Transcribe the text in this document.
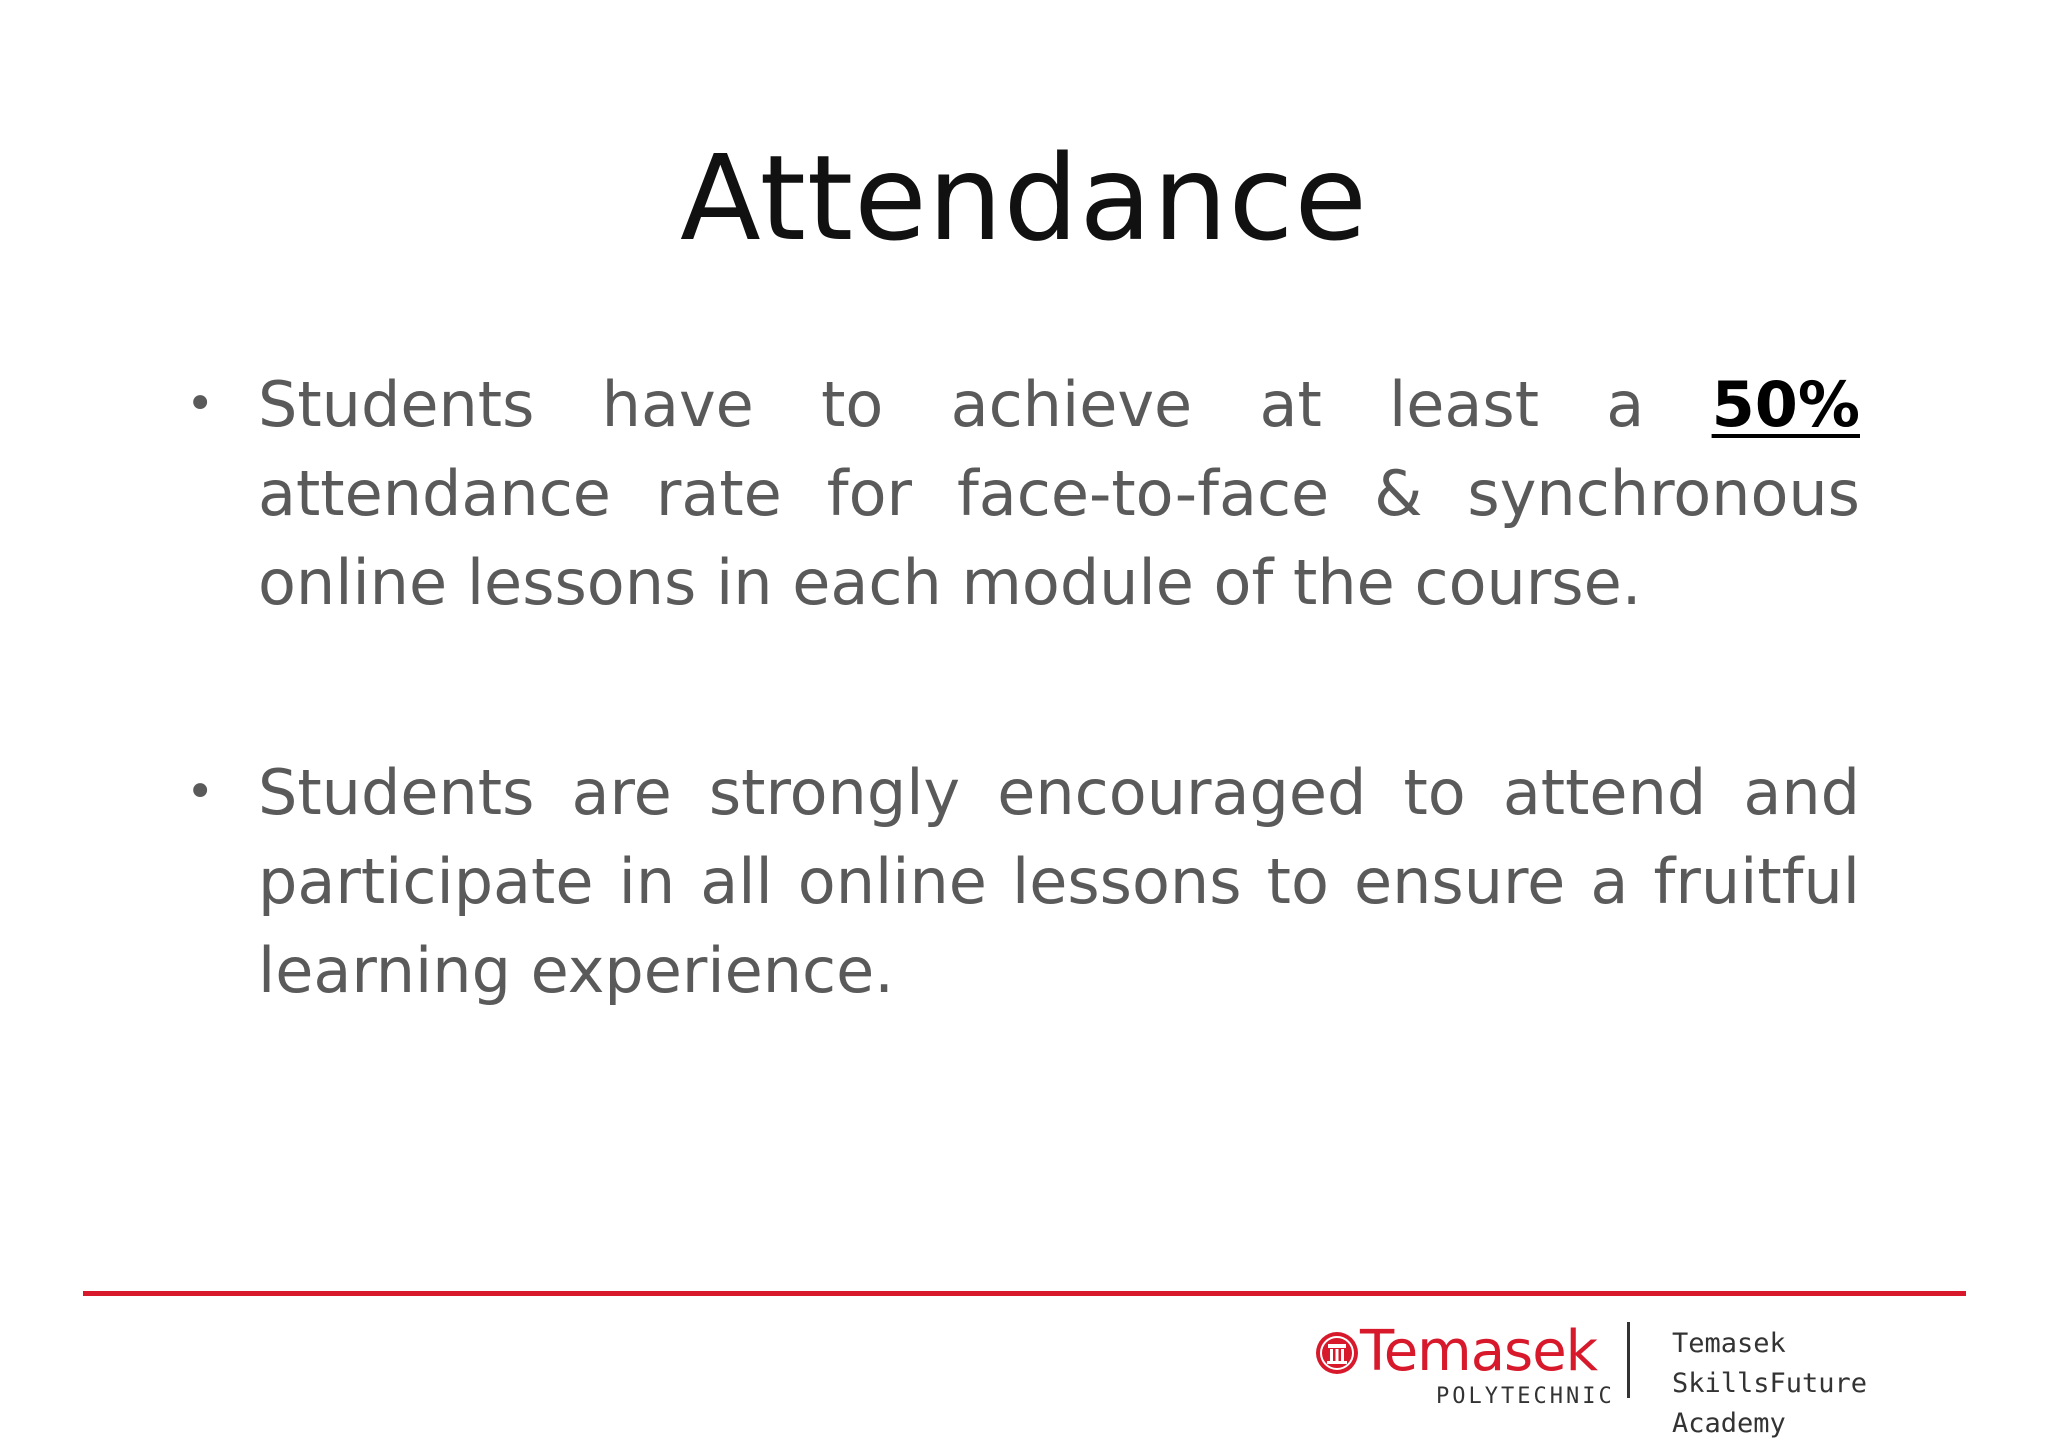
Attendance
• Students have to achieve at least a 50% attendance rate for face-to-face & synchronous online lessons in each module of the course.
• Students are strongly encouraged to attend and participate in all online lessons to ensure a fruitful learning experience.
Temasek
POLYTECHNIC
Temasek SkillsFuture Academy
